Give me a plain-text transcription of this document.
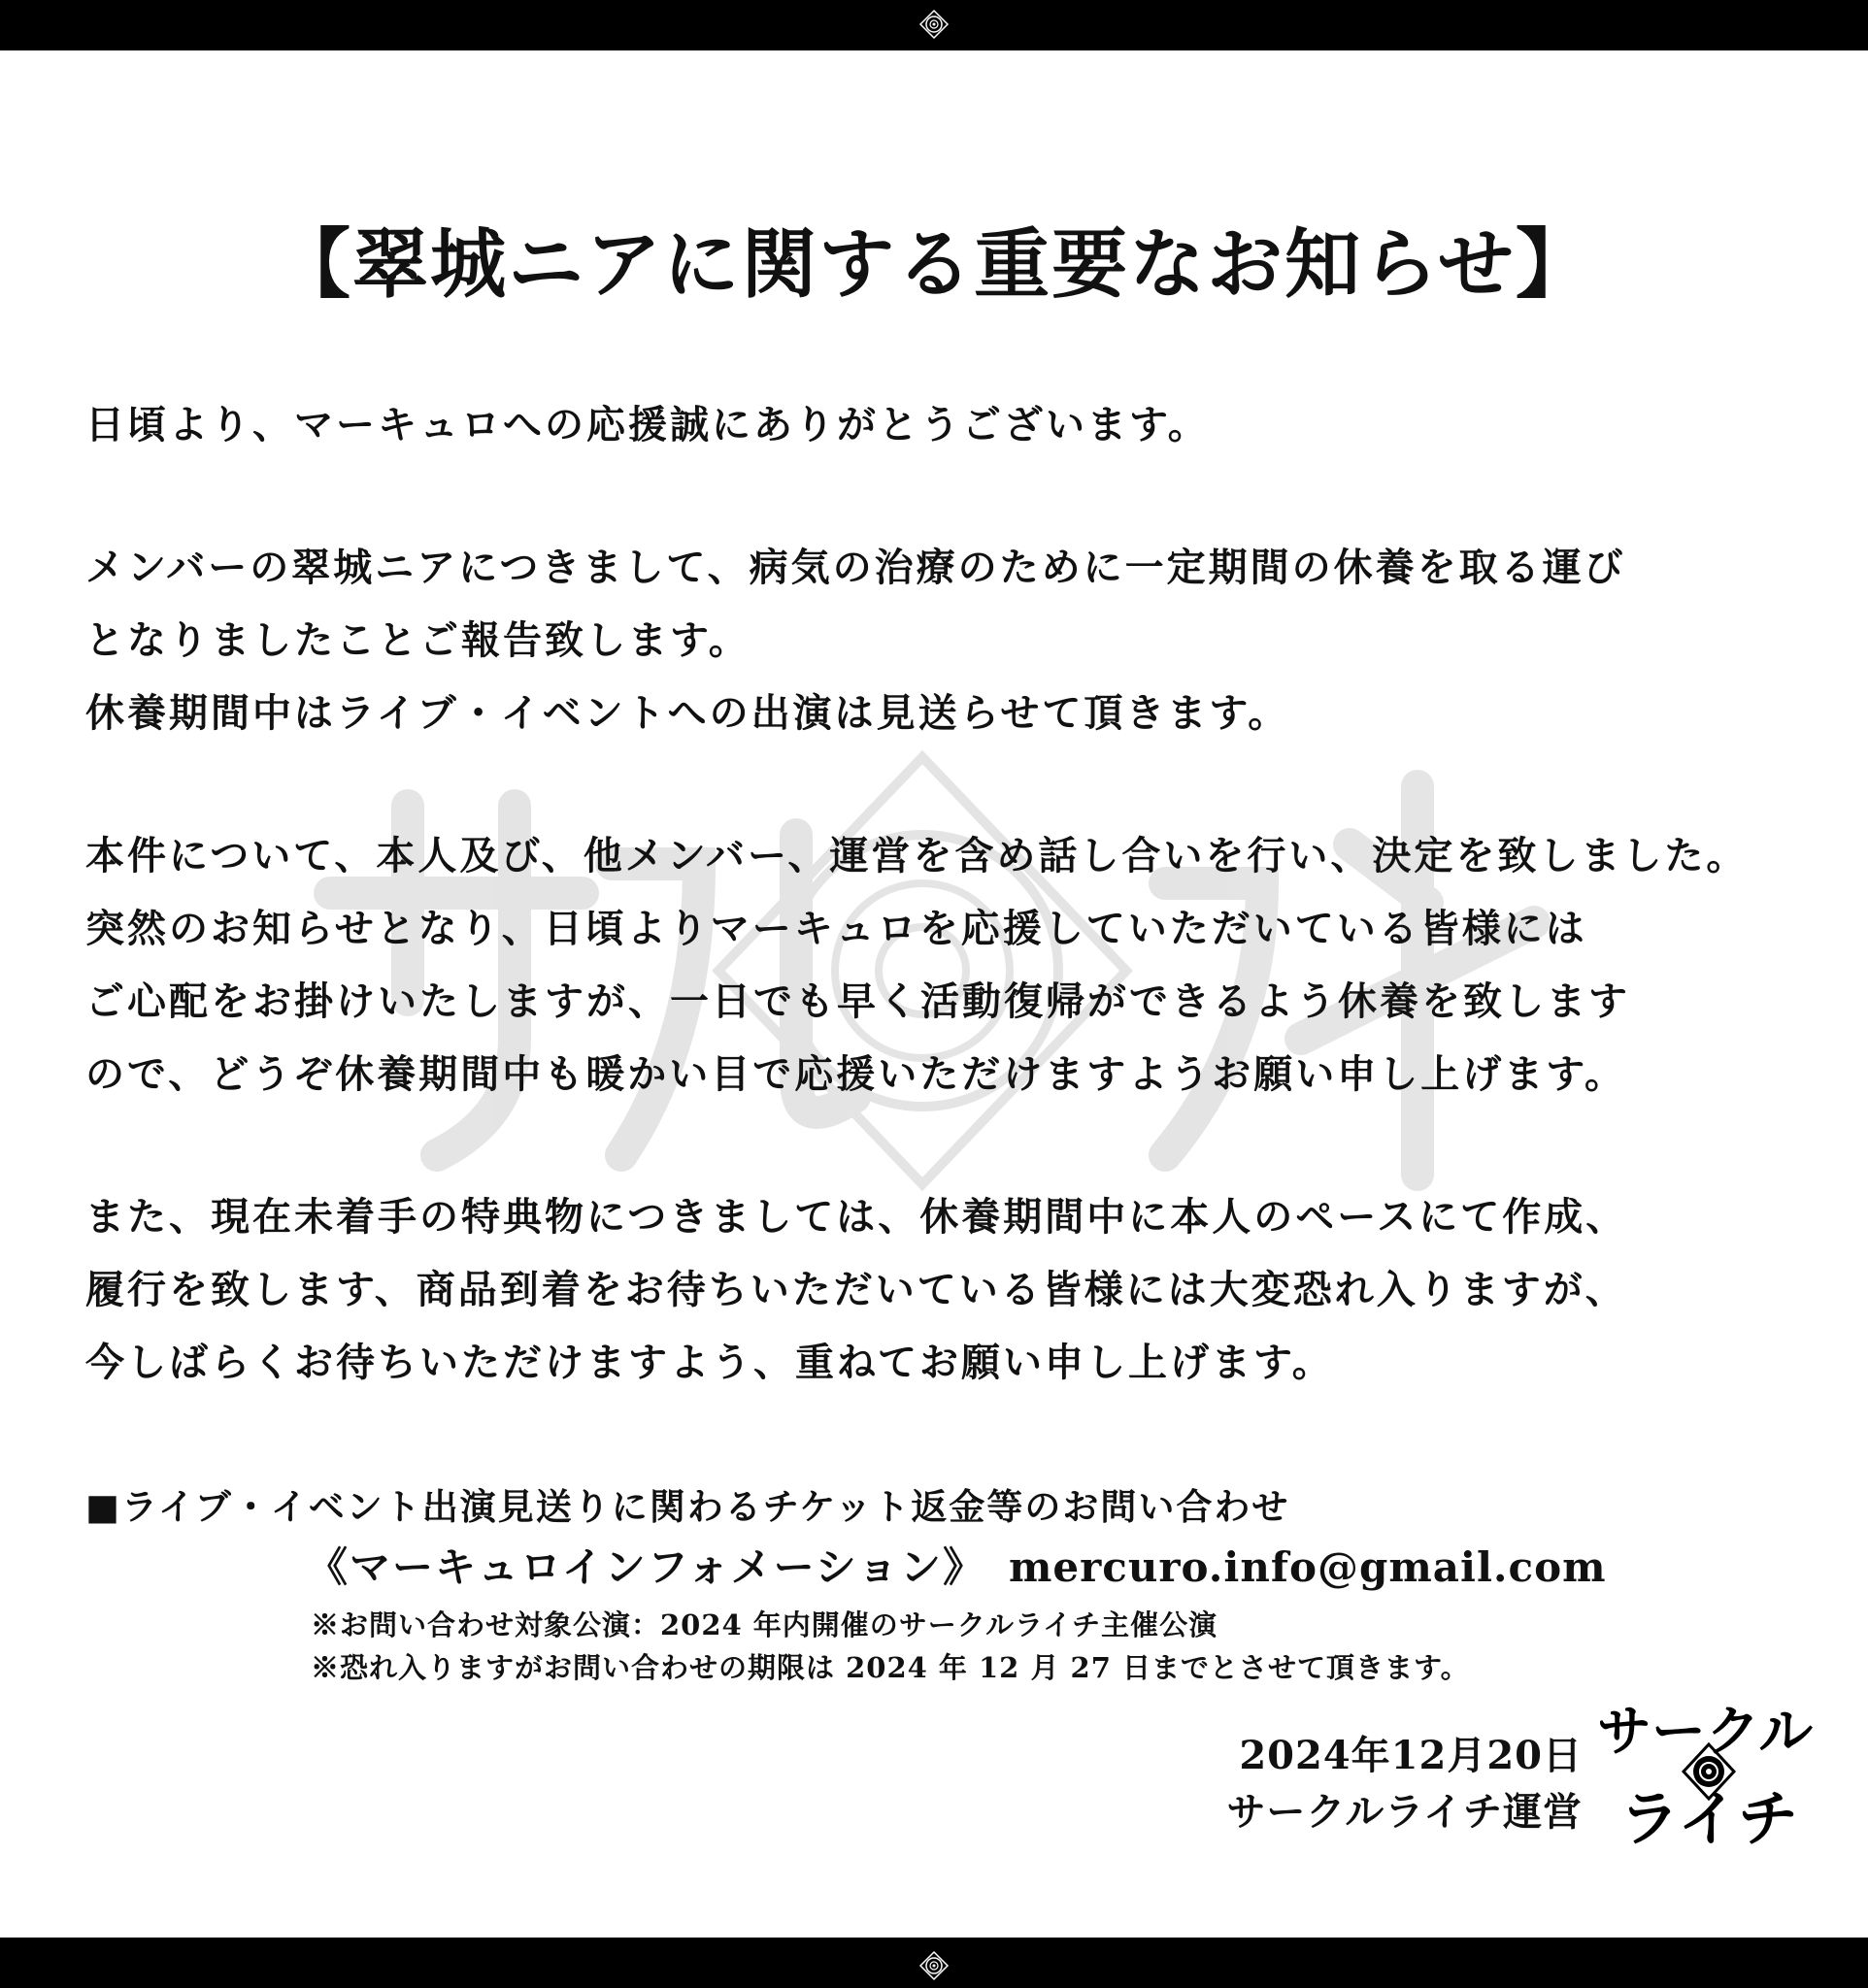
【翠城ニアに関する重要なお知らせ】
日頃より、マーキュロへの応援誠にありがとうございます。
メンバーの翠城ニアにつきまして、病気の治療のために一定期間の休養を取る運び
となりましたことご報告致します。
休養期間中はライブ・イベントへの出演は見送らせて頂きます。
本件について、本人及び、他メンバー、運営を含め話し合いを行い、決定を致しました。
突然のお知らせとなり、日頃よりマーキュロを応援していただいている皆様には
ご心配をお掛けいたしますが、一日でも早く活動復帰ができるよう休養を致します
ので、どうぞ休養期間中も暖かい目で応援いただけますようお願い申し上げます。
また、現在未着手の特典物につきましては、休養期間中に本人のペースにて作成、
履行を致します、商品到着をお待ちいただいている皆様には大変恐れ入りますが、
今しばらくお待ちいただけますよう、重ねてお願い申し上げます。
■ライブ・イベント出演見送りに関わるチケット返金等のお問い合わせ
《マーキュロインフォメーション》 mercuro.info@gmail.com
※お問い合わせ対象公演：2024 年内開催のサークルライチ主催公演
※恐れ入りますがお問い合わせの期限は 2024 年 12 月 27 日までとさせて頂きます。
2024年12月20日
サークルライチ運営
サークル
ライチ
